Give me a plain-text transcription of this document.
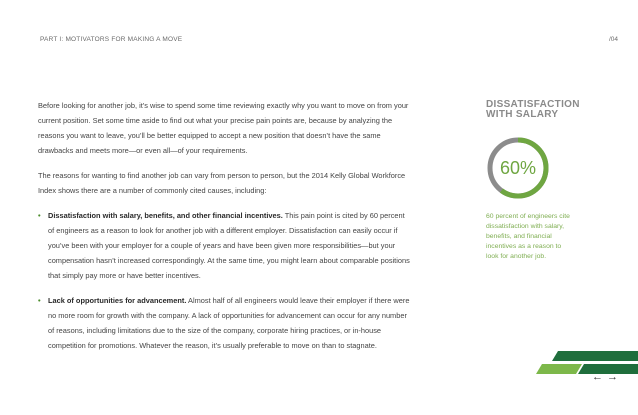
PART I: MOTIVATORS FOR MAKING A MOVE	/04

Before looking for another job, it’s wise to spend some time reviewing exactly why you want to move on from your current position. Set some time aside to find out what your precise pain points are, because by analyzing the reasons you want to leave, you’ll be better equipped to accept a new position that doesn’t have the same drawbacks and meets more—or even all—of your requirements.

The reasons for wanting to find another job can vary from person to person, but the 2014 Kelly Global Workforce Index shows there are a number of commonly cited causes, including:

• Dissatisfaction with salary, benefits, and other financial incentives. This pain point is cited by 60 percent of engineers as a reason to look for another job with a different employer. Dissatisfaction can easily occur if you’ve been with your employer for a couple of years and have been given more responsibilities—but your compensation hasn’t increased correspondingly. At the same time, you might learn about comparable positions that simply pay more or have better incentives.
• Lack of opportunities for advancement. Almost half of all engineers would leave their employer if there were no more room for growth with the company. A lack of opportunities for advancement can occur for any number of reasons, including limitations due to the size of the company, corporate hiring practices, or in-house competition for promotions. Whatever the reason, it’s usually preferable to move on than to stagnate.
DISSATISFACTION
WITH SALARY
60%
60 percent of engineers cite dissatisfaction with salary, benefits, and financial incentives as a reason to look for another job.
←→
